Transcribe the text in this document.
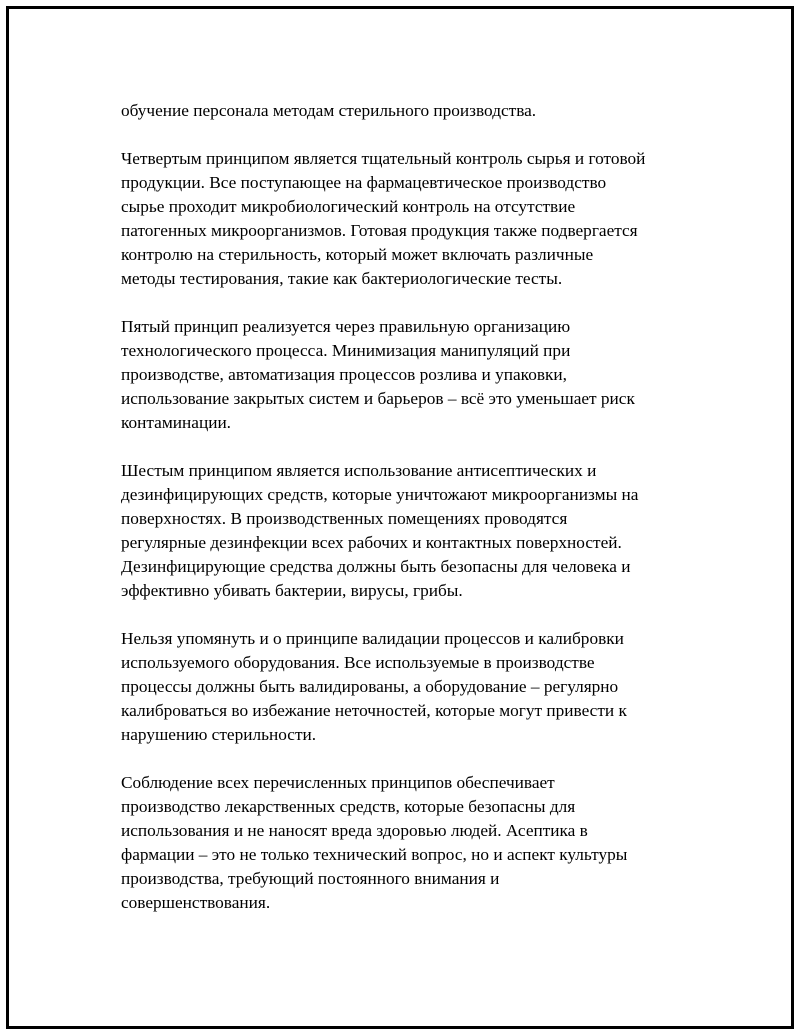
обучение персонала методам стерильного производства.

Четвертым принципом является тщательный контроль сырья и готовой
продукции. Все поступающее на фармацевтическое производство
сырье проходит микробиологический контроль на отсутствие
патогенных микроорганизмов. Готовая продукция также подвергается
контролю на стерильность, который может включать различные
методы тестирования, такие как бактериологические тесты.

Пятый принцип реализуется через правильную организацию
технологического процесса. Минимизация манипуляций при
производстве, автоматизация процессов розлива и упаковки,
использование закрытых систем и барьеров – всё это уменьшает риск
контаминации.

Шестым принципом является использование антисептических и
дезинфицирующих средств, которые уничтожают микроорганизмы на
поверхностях. В производственных помещениях проводятся
регулярные дезинфекции всех рабочих и контактных поверхностей.
Дезинфицирующие средства должны быть безопасны для человека и
эффективно убивать бактерии, вирусы, грибы.

Нельзя упомянуть и о принципе валидации процессов и калибровки
используемого оборудования. Все используемые в производстве
процессы должны быть валидированы, а оборудование – регулярно
калиброваться во избежание неточностей, которые могут привести к
нарушению стерильности.

Соблюдение всех перечисленных принципов обеспечивает
производство лекарственных средств, которые безопасны для
использования и не наносят вреда здоровью людей. Асептика в
фармации – это не только технический вопрос, но и аспект культуры
производства, требующий постоянного внимания и
совершенствования.
